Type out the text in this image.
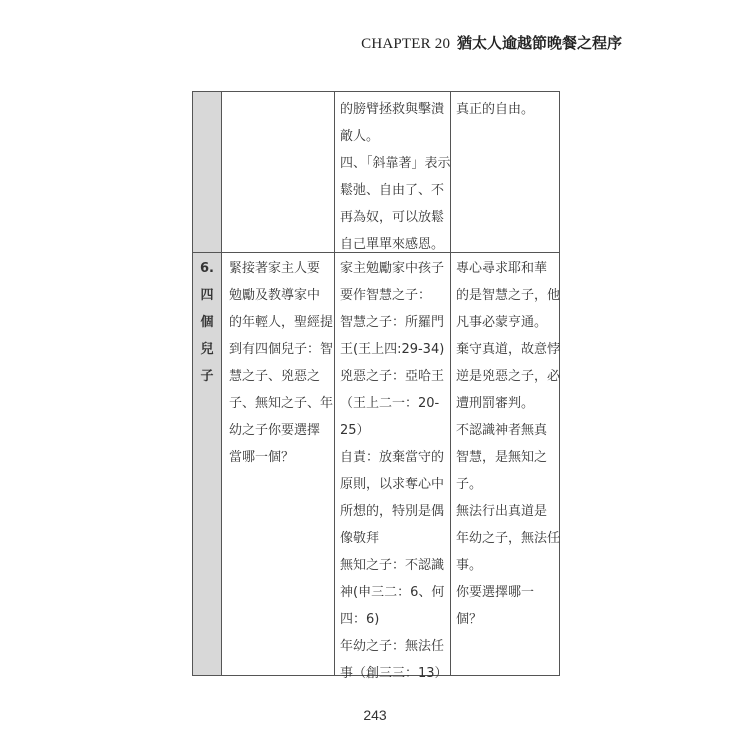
CHAPTER 20 猶太人逾越節晚餐之程序
的膀臂拯救與擊潰
敵人。
四、「斜靠著」表示
鬆弛、自由了、不
再為奴，可以放鬆
自己單單來感恩。
真正的自由。
6.
四
個
兒
子
緊接著家主人要
勉勵及教導家中
的年輕人，聖經提
到有四個兒子：智
慧之子、兇惡之
子、無知之子、年
幼之子你要選擇
當哪一個？
家主勉勵家中孩子
要作智慧之子：
智慧之子：所羅門
王(王上四:29-34)
兇惡之子：亞哈王
（王上二一：20-
25）
自責：放棄當守的
原則，以求奪心中
所想的，特別是偶
像敬拜
無知之子：不認識
神(申三二：6、何
四：6)
年幼之子：無法任
事（創三三：13）
專心尋求耶和華
的是智慧之子，他
凡事必蒙亨通。
棄守真道，故意悖
逆是兇惡之子，必
遭刑罰審判。
不認識神者無真
智慧，是無知之
子。
無法行出真道是
年幼之子，無法任
事。
你要選擇哪一
個？
243
